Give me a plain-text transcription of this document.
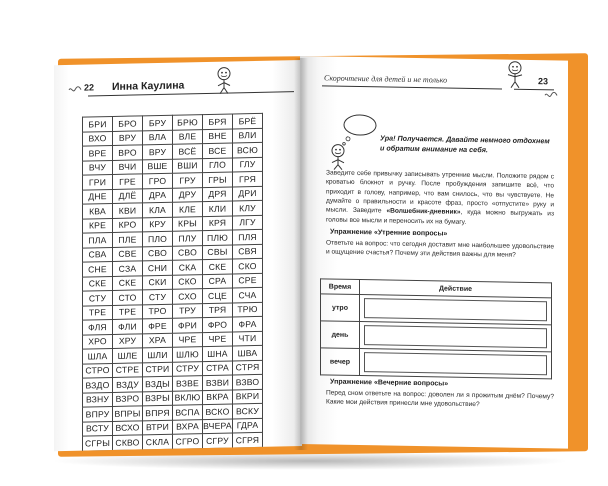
22 Инна Каулина
БРИ	БРО	БРУ	БРЮ	БРЯ	БРЁ
ВХО	ВРУ	ВЛА	ВЛЕ	ВНЕ	ВЛИ
ВРЕ	ВРО	ВРУ	ВСЁ	ВСЕ	ВСЮ
ВЧУ	ВЧИ	ВШЕ	ВШИ	ГЛО	ГЛУ
ГРИ	ГРЕ	ГРО	ГРУ	ГРЫ	ГРЯ
ДНЕ	ДЛЁ	ДРА	ДРУ	ДРЯ	ДРИ
КВА	КВИ	КЛА	КЛЕ	КЛИ	КЛУ
КРЕ	КРО	КРУ	КРЫ	КРЯ	ЛГУ
ПЛА	ПЛЕ	ПЛО	ПЛУ	ПЛЮ	ПЛЯ
СВА	СВЕ	СВО	СВО	СВЫ	СВЯ
СНЕ	СЗА	СНИ	СКА	СКЕ	СКО
СКЕ	СКЕ	СКИ	СКО	СРА	СРЕ
СТУ	СТО	СТУ	СХО	СЦЕ	СЧА
ТРЕ	ТРЕ	ТРО	ТРУ	ТРЯ	ТРЮ
ФЛЯ	ФЛИ	ФРЕ	ФРИ	ФРО	ФРА
ХРО	ХРУ	ХРА	ЧРЕ	ЧРЕ	ЧТИ
ШЛА	ШЛЕ	ШЛИ	ШЛЮ	ШНА	ШВА
СТРО	СТРЕ	СТРИ	СТРУ	СТРА	СТРЯ
ВЗДО	ВЗДУ	ВЗДЫ	ВЗВЕ	ВЗВИ	ВЗВО
ВЗНУ	ВЗРО	ВЗРЫ	ВКЛЮ	ВКРА	ВКРИ
ВПРУ	ВПРЫ	ВПРЯ	ВСПА	ВСКО	ВСКУ
ВСТУ	ВСХО	ВТРИ	ВХРА	ВЧЕРА	ГДРА
СГРЫ	СКВО	СКЛА	СГРО	СГРУ	СГРЯ
Скорочтение для детей и не только	23
Ура! Получается. Давайте немного отдохнем и обратим внимание на себя.
Заведите себе привычку записывать утренние мысли. Положите рядом с кроватью блокнот и ручку. После пробуждения запишите всё, что приходит в голову, например, что вам снилось, что вы чувствуете. Не думайте о правильности и красоте фраз, просто «отпустите» руку и мысли. Заведите «Волшебник-дневник», куда можно выгружать из головы все мысли и переносить их на бумагу.
Упражнение «Утренние вопросы»
Ответьте на вопрос: что сегодня доставит мне наибольшее удовольствие и ощущение счастья? Почему эти действия важны для меня?
Время	Действие
утро	

день	

вечер	
Упражнение «Вечерние вопросы»
Перед сном ответьте на вопрос: доволен ли я прожитым днём? Почему? Какие мои действия принесли мне удовольствие?
